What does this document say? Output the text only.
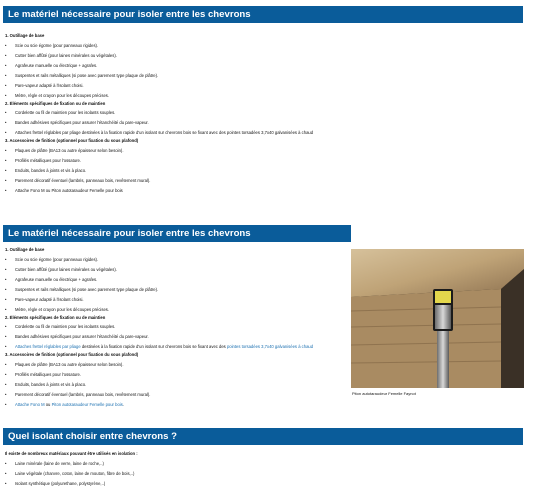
Le matériel nécessaire pour isoler entre les chevrons

1. Outillage de base

• Scie ou scie égoïne (pour panneaux rigides).
• Cutter bien affûté (pour laines minérales ou végétales).
• Agrafeuse manuelle ou électrique + agrafes.
• Suspentes et rails métalliques (si pose avec parement type plaque de plâtre).
• Pare-vapeur adapté à l'isolant choisi.
• Mètre, règle et crayon pour les découpes précises.

2. Éléments spécifiques de fixation ou de maintien

• Cordelette ou fil de maintien pour les isolants souples.
• Bandes adhésives spécifiques pour assurer l'étanchéité du pare-vapeur.
• Attaches frettel réglables par pliage destinées à la fixation rapide d'un isolant sur chevrons bois se fixant avec des pointes torsadées 3,7x40 galvanisées à chaud

3. Accessoires de finition (optionnel pour fixation du sous plafond)

• Plaques de plâtre (BA13 ou autre épaisseur selon besoin).
• Profilés métalliques pour l'ossature.
• Enduits, bandes à joints et vis à placo.
• Parement décoratif éventuel (lambris, panneaux bois, revêtement mural).
• Attache Fono M ou Piton autotaraudeur Femelle pour bois
Le matériel nécessaire pour isoler entre les chevrons

1. Outillage de base

• Scie ou scie égoïne (pour panneaux rigides).
• Cutter bien affûté (pour laines minérales ou végétales).
• Agrafeuse manuelle ou électrique + agrafes.
• Suspentes et rails métalliques (si pose avec parement type plaque de plâtre).
• Pare-vapeur adapté à l'isolant choisi.
• Mètre, règle et crayon pour les découpes précises.

2. Éléments spécifiques de fixation ou de maintien

• Cordelette ou fil de maintien pour les isolants souples.
• Bandes adhésives spécifiques pour assurer l'étanchéité du pare-vapeur.
• Attaches frettel réglables par pliage destinées à la fixation rapide d'un isolant sur chevrons bois se fixant avec des pointes torsadées 3,7x40 galvanisées à chaud

3. Accessoires de finition (optionnel pour fixation du sous plafond)

• Plaques de plâtre (BA13 ou autre épaisseur selon besoin).
• Profilés métalliques pour l'ossature.
• Enduits, bandes à joints et vis à placo.
• Parement décoratif éventuel (lambris, panneaux bois, revêtement mural).
• Attache Fono M ou Piton autotaraudeur Femelle pour bois.
Piton autotaraudeur Femelle Faynot
Quel isolant choisir entre chevrons ?

Il existe de nombreux matériaux pouvant être utilisés en isolation :

• Laine minérale (laine de verre, laine de roche,..)
• Laine végétale (chanvre, coton, laine de mouton, fibre de bois,..)
• Isolant synthétique (polyurethane, polystyrène,..)
